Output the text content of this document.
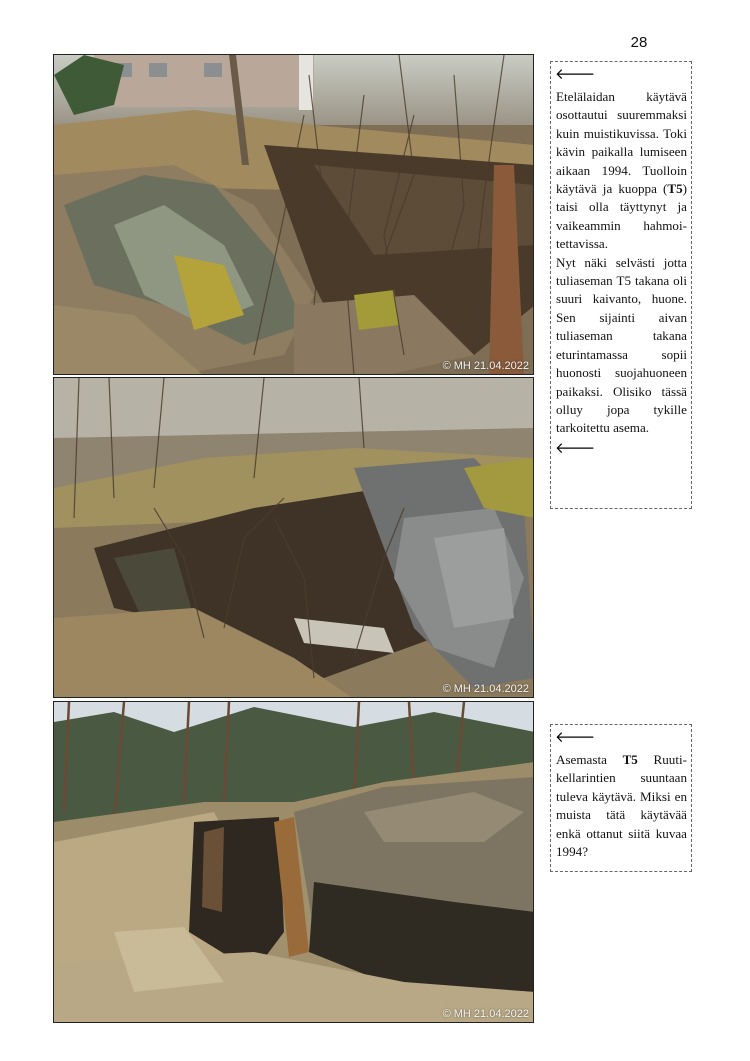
28
© MH 21.04.2022
© MH 21.04.2022
© MH 21.04.2022
🡐

Etelälaidan käytävä osottautui suuremmaksi kuin muistikuvissa. Toki kävin paikalla lumiseen aikaan 1994. Tuolloin käytävä ja kuoppa (T5) taisi olla täyttynyt ja vaikeammin hahmoitettavissa.

Nyt näki selvästi jotta tuliaseman T5 takana oli suuri kaivanto, huone. Sen sijainti aivan tuliaseman takana eturintamassa sopii huonosti suojahuoneen paikaksi. Olisiko tässä olluy jopa tykille tarkoitettu asema.

🡐
🡐

Asemasta T5 Ruutikellarintien suuntaan tuleva käytävä. Miksi en muista tätä käytävää enkä ottanut siitä kuvaa 1994?
